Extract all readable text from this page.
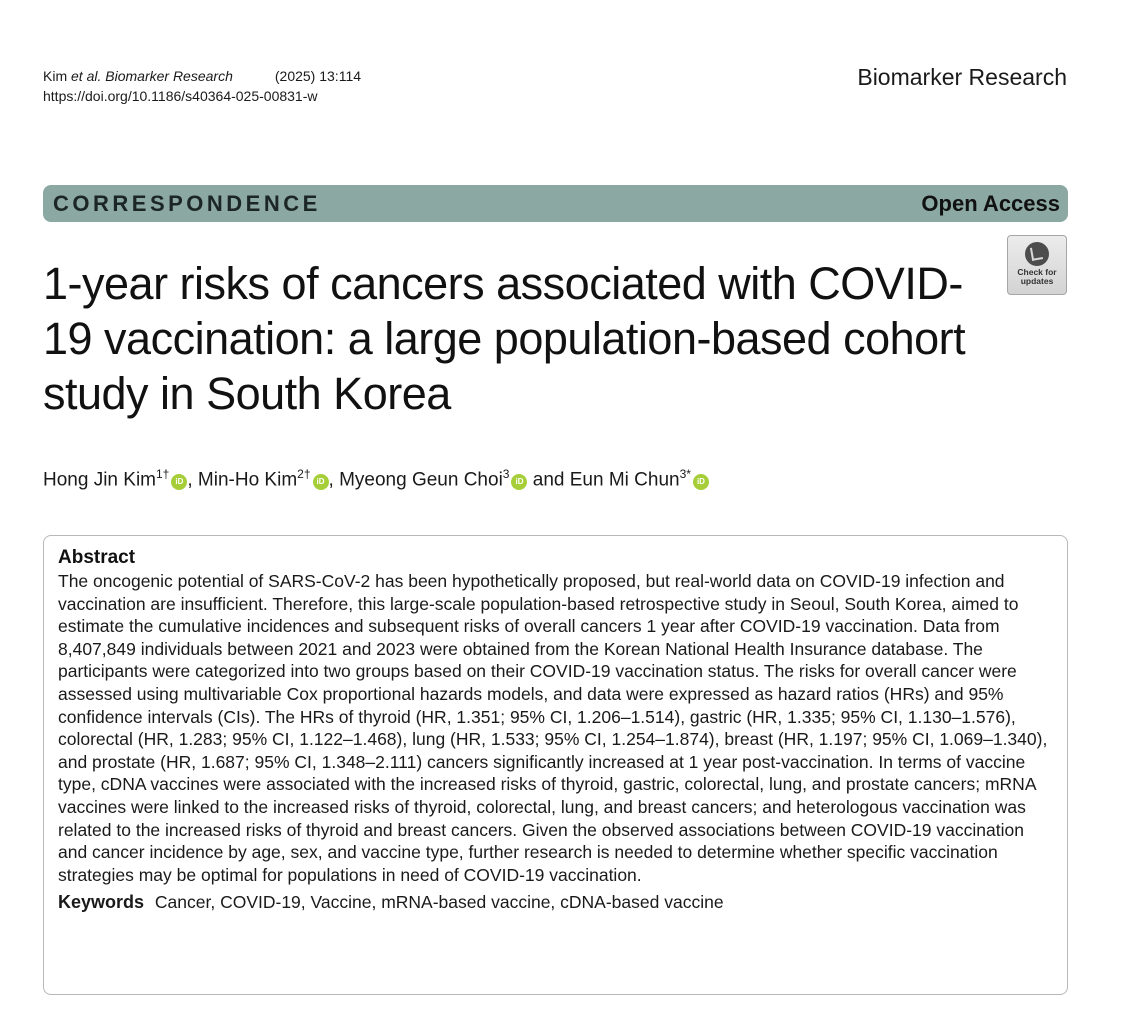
Kim et al. Biomarker Research	(2025) 13:114
https://doi.org/10.1186/s40364-025-00831-w
Biomarker Research
CORRESPONDENCE	Open Access
Check for
updates
1-year risks of cancers associated with COVID-19 vaccination: a large population-based cohort study in South Korea
Hong Jin Kim$^{1\dagger}$iD , Min-Ho Kim$^{2\dagger}$iD , Myeong Geun Choi$^3$iD and Eun Mi Chun$^{3*}$iD
Abstract

The oncogenic potential of SARS-CoV-2 has been hypothetically proposed, but real-world data on COVID-19 infection and vaccination are insufficient. Therefore, this large-scale population-based retrospective study in Seoul, South Korea, aimed to estimate the cumulative incidences and subsequent risks of overall cancers 1 year after COVID-19 vaccination. Data from 8,407,849 individuals between 2021 and 2023 were obtained from the Korean National Health Insurance database. The participants were categorized into two groups based on their COVID-19 vaccination status. The risks for overall cancer were assessed using multivariable Cox proportional hazards models, and data were expressed as hazard ratios (HRs) and 95% confidence intervals (CIs). The HRs of thyroid (HR, 1.351; 95% CI, 1.206–1.514), gastric (HR, 1.335; 95% CI, 1.130–1.576), colorectal (HR, 1.283; 95% CI, 1.122–1.468), lung (HR, 1.533; 95% CI, 1.254–1.874), breast (HR, 1.197; 95% CI, 1.069–1.340), and prostate (HR, 1.687; 95% CI, 1.348–2.111) cancers significantly increased at 1 year post-vaccination. In terms of vaccine type, cDNA vaccines were associated with the increased risks of thyroid, gastric, colorectal, lung, and prostate cancers; mRNA vaccines were linked to the increased risks of thyroid, colorectal, lung, and breast cancers; and heterologous vaccination was related to the increased risks of thyroid and breast cancers. Given the observed associations between COVID-19 vaccination and cancer incidence by age, sex, and vaccine type, further research is needed to determine whether specific vaccination strategies may be optimal for populations in need of COVID-19 vaccination.

Keywords Cancer, COVID-19, Vaccine, mRNA-based vaccine, cDNA-based vaccine
